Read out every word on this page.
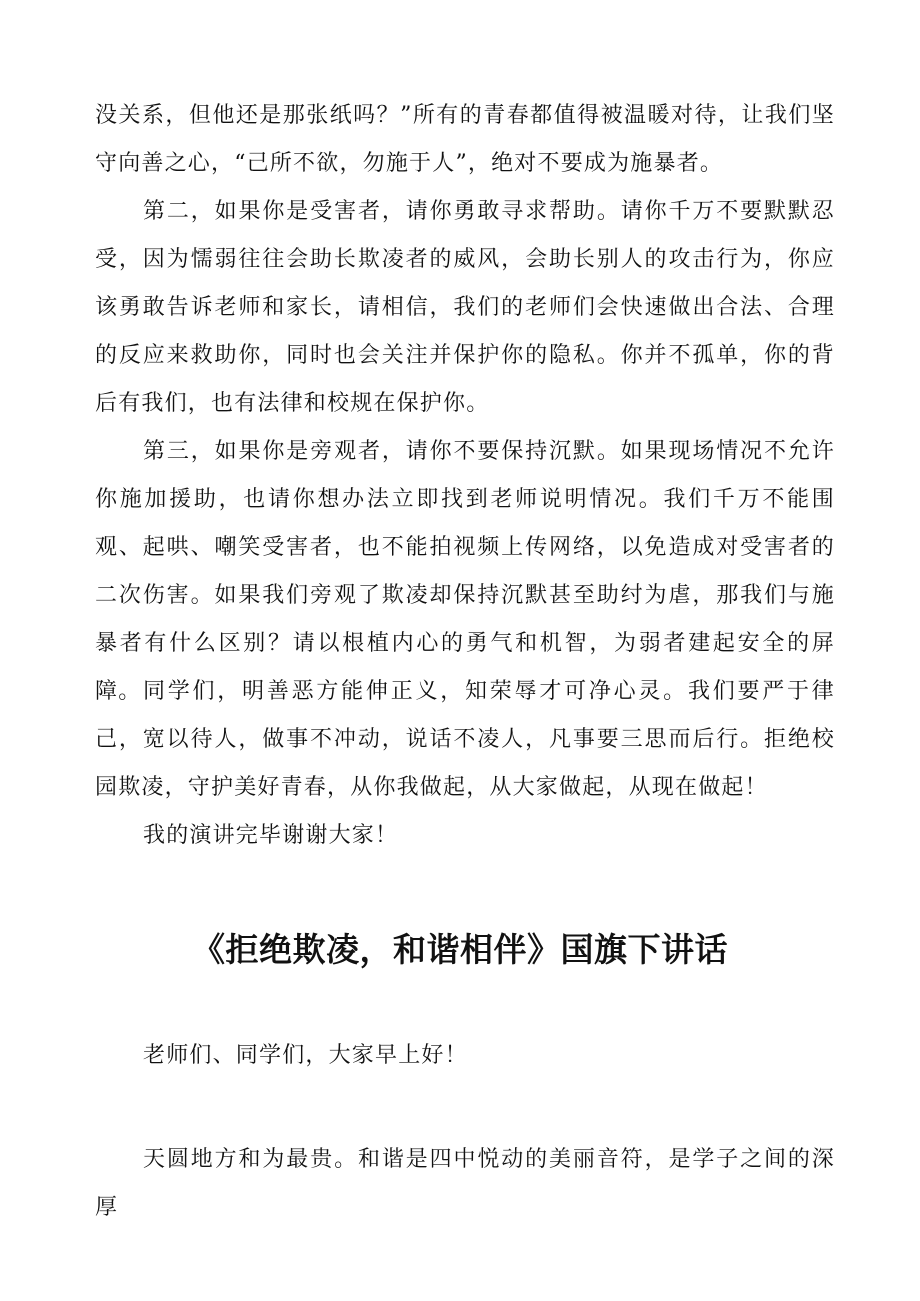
没关系，但他还是那张纸吗？”所有的青春都值得被温暖对待，让我们坚守向善之心，“己所不欲，勿施于人”，绝对不要成为施暴者。

第二，如果你是受害者，请你勇敢寻求帮助。请你千万不要默默忍受，因为懦弱往往会助长欺凌者的威风，会助长别人的攻击行为，你应该勇敢告诉老师和家长，请相信，我们的老师们会快速做出合法、合理的反应来救助你，同时也会关注并保护你的隐私。你并不孤单，你的背后有我们，也有法律和校规在保护你。

第三，如果你是旁观者，请你不要保持沉默。如果现场情况不允许你施加援助，也请你想办法立即找到老师说明情况。我们千万不能围观、起哄、嘲笑受害者，也不能拍视频上传网络，以免造成对受害者的二次伤害。如果我们旁观了欺凌却保持沉默甚至助纣为虐，那我们与施暴者有什么区别？请以根植内心的勇气和机智，为弱者建起安全的屏障。 同学们，明善恶方能伸正义，知荣辱才可净心灵。我们要严于律己，宽以待人，做事不冲动，说话不凌人，凡事要三思而后行。拒绝校园欺凌，守护美好青春，从你我做起，从大家做起，从现在做起！

我的演讲完毕谢谢大家！

《拒绝欺凌，和谐相伴》国旗下讲话

老师们、同学们，大家早上好！

天圆地方和为最贵。和谐是四中悦动的美丽音符，是学子之间的深厚
